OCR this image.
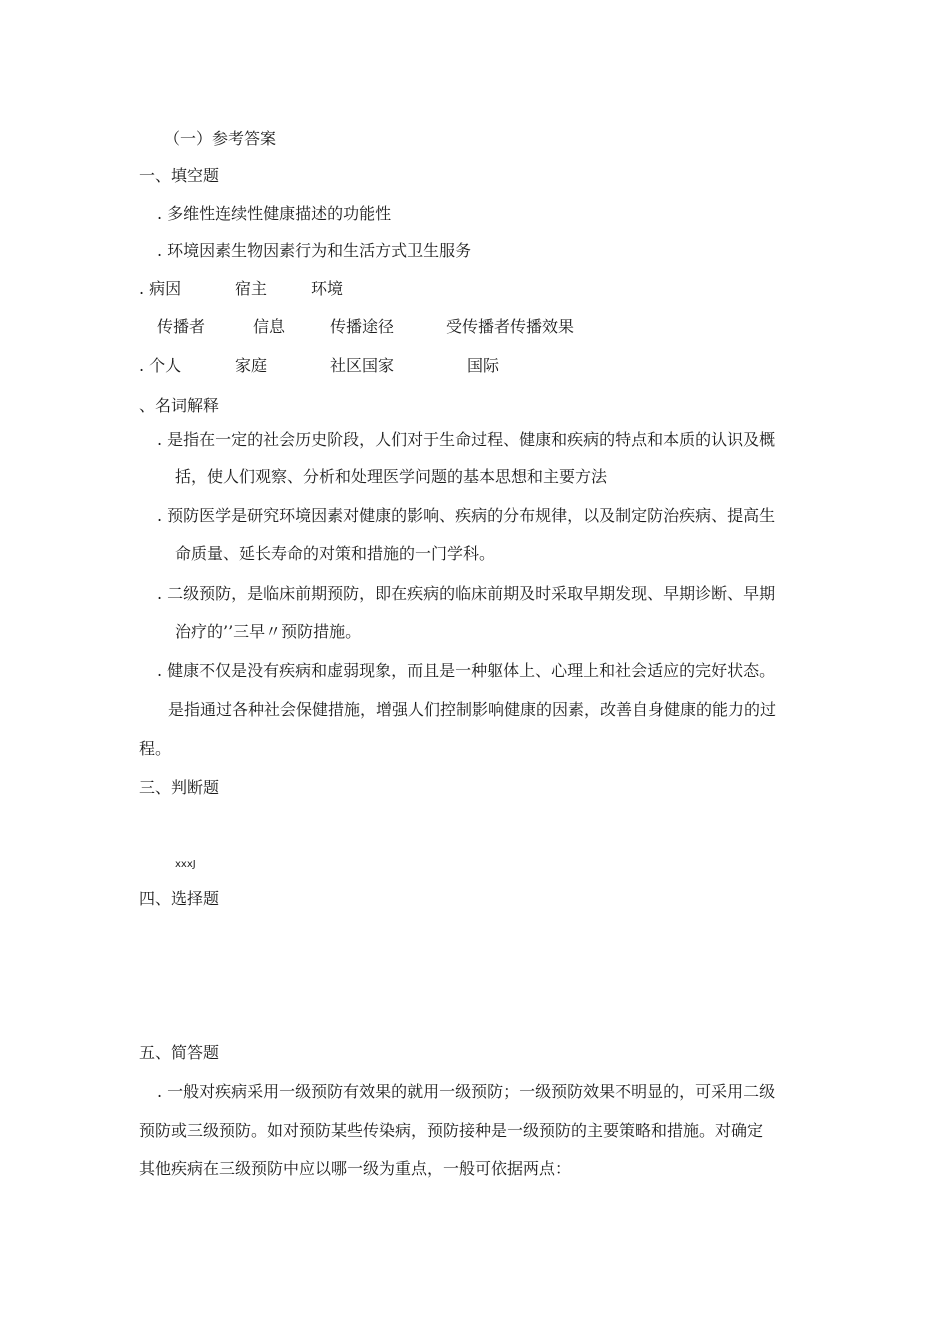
（一）参考答案
一、填空题
. 多维性连续性健康描述的功能性
. 环境因素生物因素行为和生活方式卫生服务
. 病因	宿主	环境
传播者	信息	传播途径	受传播者传播效果
. 个人	家庭	社区国家	国际
、名词解释
. 是指在一定的社会历史阶段，人们对于生命过程、健康和疾病的特点和本质的认识及概
括，使人们观察、分析和处理医学问题的基本思想和主要方法
. 预防医学是研究环境因素对健康的影响、疾病的分布规律，以及制定防治疾病、提高生
命质量、延长寿命的对策和措施的一门学科。
. 二级预防，是临床前期预防，即在疾病的临床前期及时采取早期发现、早期诊断、早期
治疗的’’三早〃预防措施。
. 健康不仅是没有疾病和虚弱现象，而且是一种躯体上、心理上和社会适应的完好状态。
是指通过各种社会保健措施，增强人们控制影响健康的因素，改善自身健康的能力的过
程。
三、判断题
xxxJ
四、选择题
五、简答题
. 一般对疾病采用一级预防有效果的就用一级预防；一级预防效果不明显的，可采用二级
预防或三级预防。如对预防某些传染病，预防接种是一级预防的主要策略和措施。对确定
其他疾病在三级预防中应以哪一级为重点，一般可依据两点：
